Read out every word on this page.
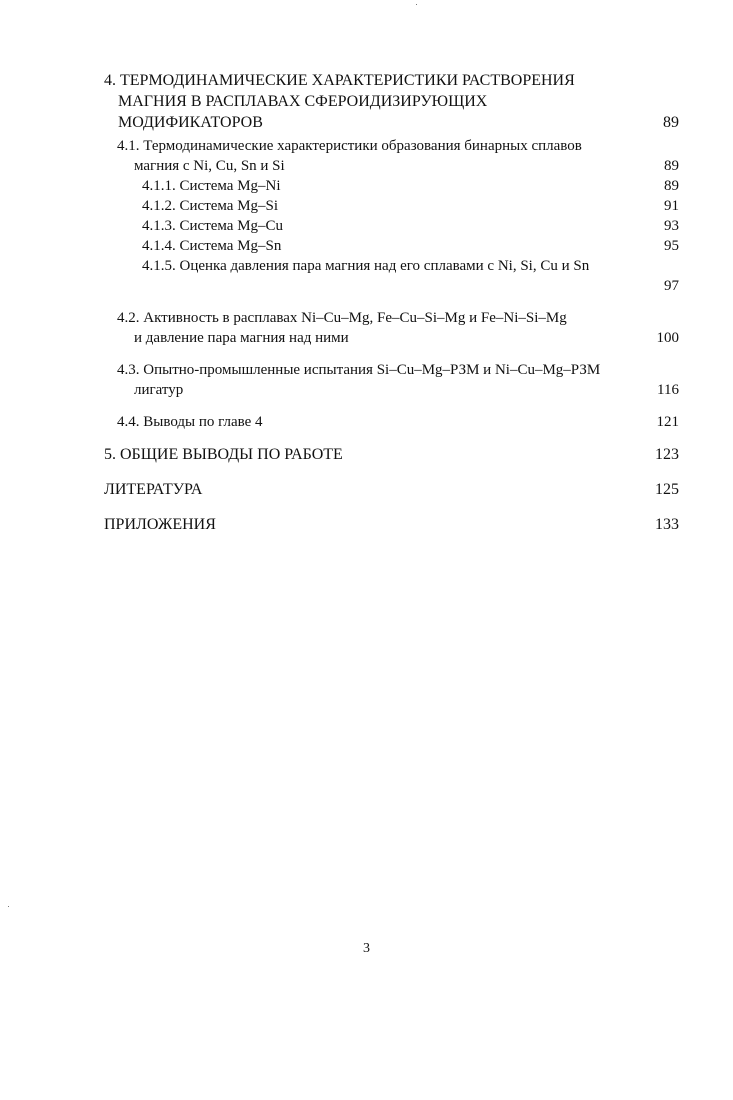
4. ТЕРМОДИНАМИЧЕСКИЕ ХАРАКТЕРИСТИКИ РАСТВОРЕНИЯ
МАГНИЯ В РАСПЛАВАХ СФЕРОИДИЗИРУЮЩИХ
МОДИФИКАТОРОВ	89
4.1. Термодинамические характеристики образования бинарных сплавов
магния с Ni, Cu, Sn и Si	89
4.1.1. Система Mg–Ni	89
4.1.2. Система Mg–Si	91
4.1.3. Система Mg–Cu	93
4.1.4. Система Mg–Sn	95
4.1.5. Оценка давления пара магния над его сплавами с Ni, Si, Cu и Sn

97
4.2. Активность в расплавах Ni–Cu–Mg, Fe–Cu–Si–Mg и Fe–Ni–Si–Mg
и давление пара магния над ними	100
4.3. Опытно-промышленные испытания Si–Cu–Mg–РЗМ и Ni–Cu–Mg–РЗМ
лигатур	116
4.4. Выводы по главе 4	121
5. ОБЩИЕ ВЫВОДЫ ПО РАБОТЕ	123
ЛИТЕРАТУРА	125
ПРИЛОЖЕНИЯ	133
3
